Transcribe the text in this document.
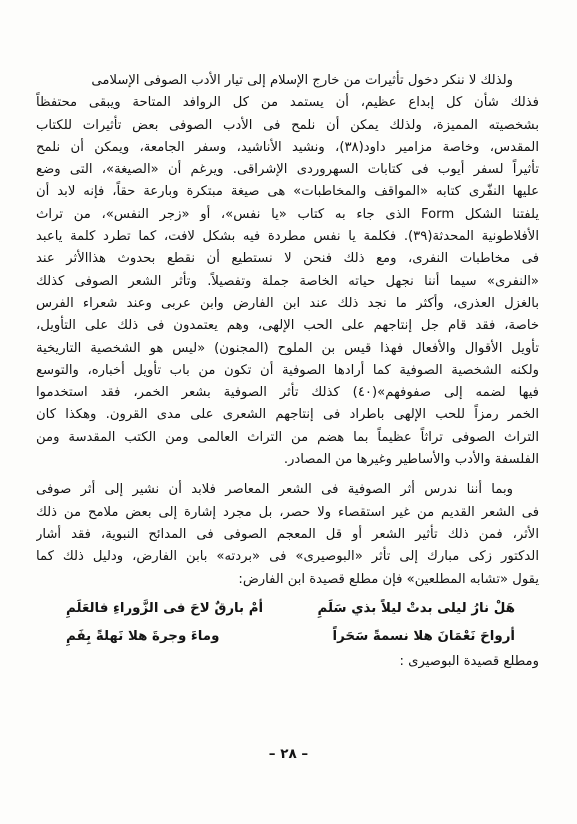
ولذلك لا ننكر دخول تأثيرات من خارج الإسلام إلى تيار الأدب الصوفى الإسلامى
فذلك شأن كل إبداع عظيم، أن يستمد من كل الروافد المتاحة ويبقى محتفظاً
بشخصيته المميزة، ولذلك يمكن أن نلمح فى الأدب الصوفى بعض تأثيرات للكتاب
المقدس، وخاصة مزامير داود(٣٨)، ونشيد الأناشيد، وسفر الجامعة، ويمكن أن نلمح
تأثيراً لسفر أيوب فى كتابات السهروردى الإشراقى. ويرغم أن «الصيغة»، التى وضع
عليها النفّرى كتابه «المواقف والمخاطبات» هى صيغة مبتكرة وبارعة حقاً، فإنه لابد أن
يلفتنا الشكل Form الذى جاء به كتاب «يا نفس»، أو «زجر النفس»، من تراث
الأفلاطونية المحدثة(٣٩). فكلمة يا نفس مطردة فيه بشكل لافت، كما تطرد كلمة ياعبد
فى مخاطبات النفرى، ومع ذلك فنحن لا نستطيع أن نقطع بحدوث هذاالأثر عند
«النفرى» سيما أننا نجهل حياته الخاصة جملة وتفصيلاً. وتأثر الشعر الصوفى كذلك
بالغزل العذرى، وأكثر ما نجد ذلك عند ابن الفارض وابن عربى وعند شعراء الفرس
خاصة، فقد قام جل إنتاجهم على الحب الإلهى، وهم يعتمدون فى ذلك على التأويل،
تأويل الأقوال والأفعال فهذا قيس بن الملوح (المجنون) «ليس هو الشخصية التاريخية
ولكنه الشخصية الصوفية كما أرادها الصوفية أن تكون من باب تأويل أخباره، والتوسع
فيها لضمه إلى صفوفهم»(٤٠) كذلك تأثر الصوفية بشعر الخمر، فقد استخدموا
الخمر رمزاً للحب الإلهى باطراد فى إنتاجهم الشعرى على مدى القرون. وهكذا كان
التراث الصوفى تراثاً عظيماً بما هضم من التراث العالمى ومن الكتب المقدسة ومن
الفلسفة والأدب والأساطير وغيرها من المصادر.
وبما أننا ندرس أثر الصوفية فى الشعر المعاصر فلابد أن نشير إلى أثر صوفى
فى الشعر القديم من غير استقصاء ولا حصر، بل مجرد إشارة إلى بعض ملامح من ذلك
الأثر، فمن ذلك تأثير الشعر أو قل المعجم الصوفى فى المدائح النبوية، فقد أشار
الدكتور زكى مبارك إلى تأثر «البوصيرى» فى «بردته» بابن الفارض، ودليل ذلك كما
يقول «تشابه المطلعين» فإن مطلع قصيدة ابن الفارض:
هَلْ نارُ ليلى بدتْ ليلاً بذي سَلَمِ
أمْ بارقٌ لاحَ فى الزَّوراءِ فالعَلَمِ
أرواحَ نَعْمَانَ هلا نسمةً سَحَراً
وماءَ وجرةَ هلا نَهلةً بِفَمِ
ومطلع قصيدة البوصيرى :
– ٢٨ –
